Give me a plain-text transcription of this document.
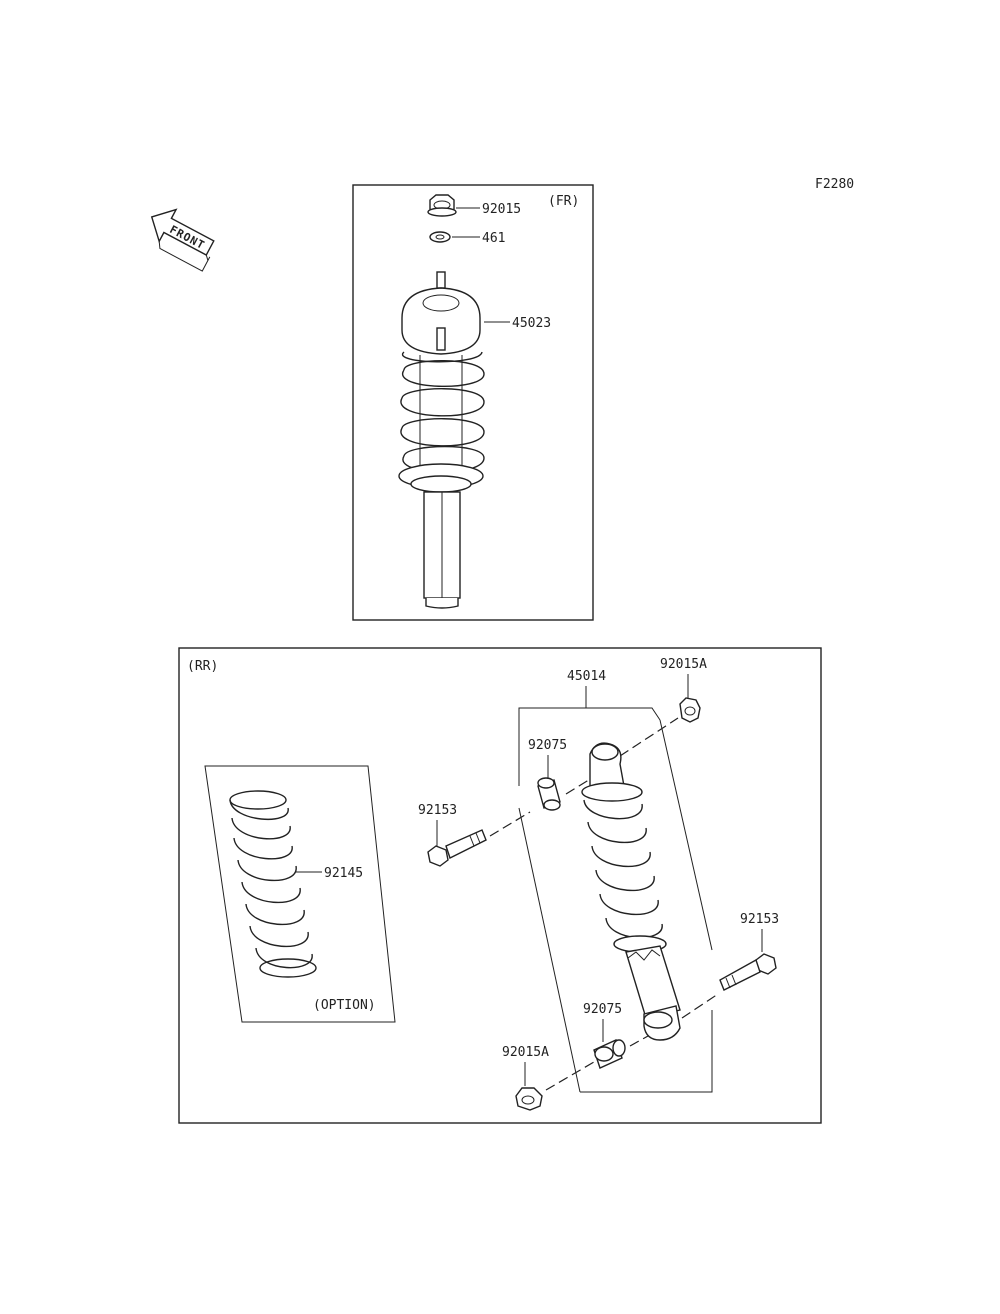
F2280
FRONT
(FR)
92015
461
45023
(RR)
(OPTION)
92145
45014
92015A
92075
92153
92153
92075
92015A
